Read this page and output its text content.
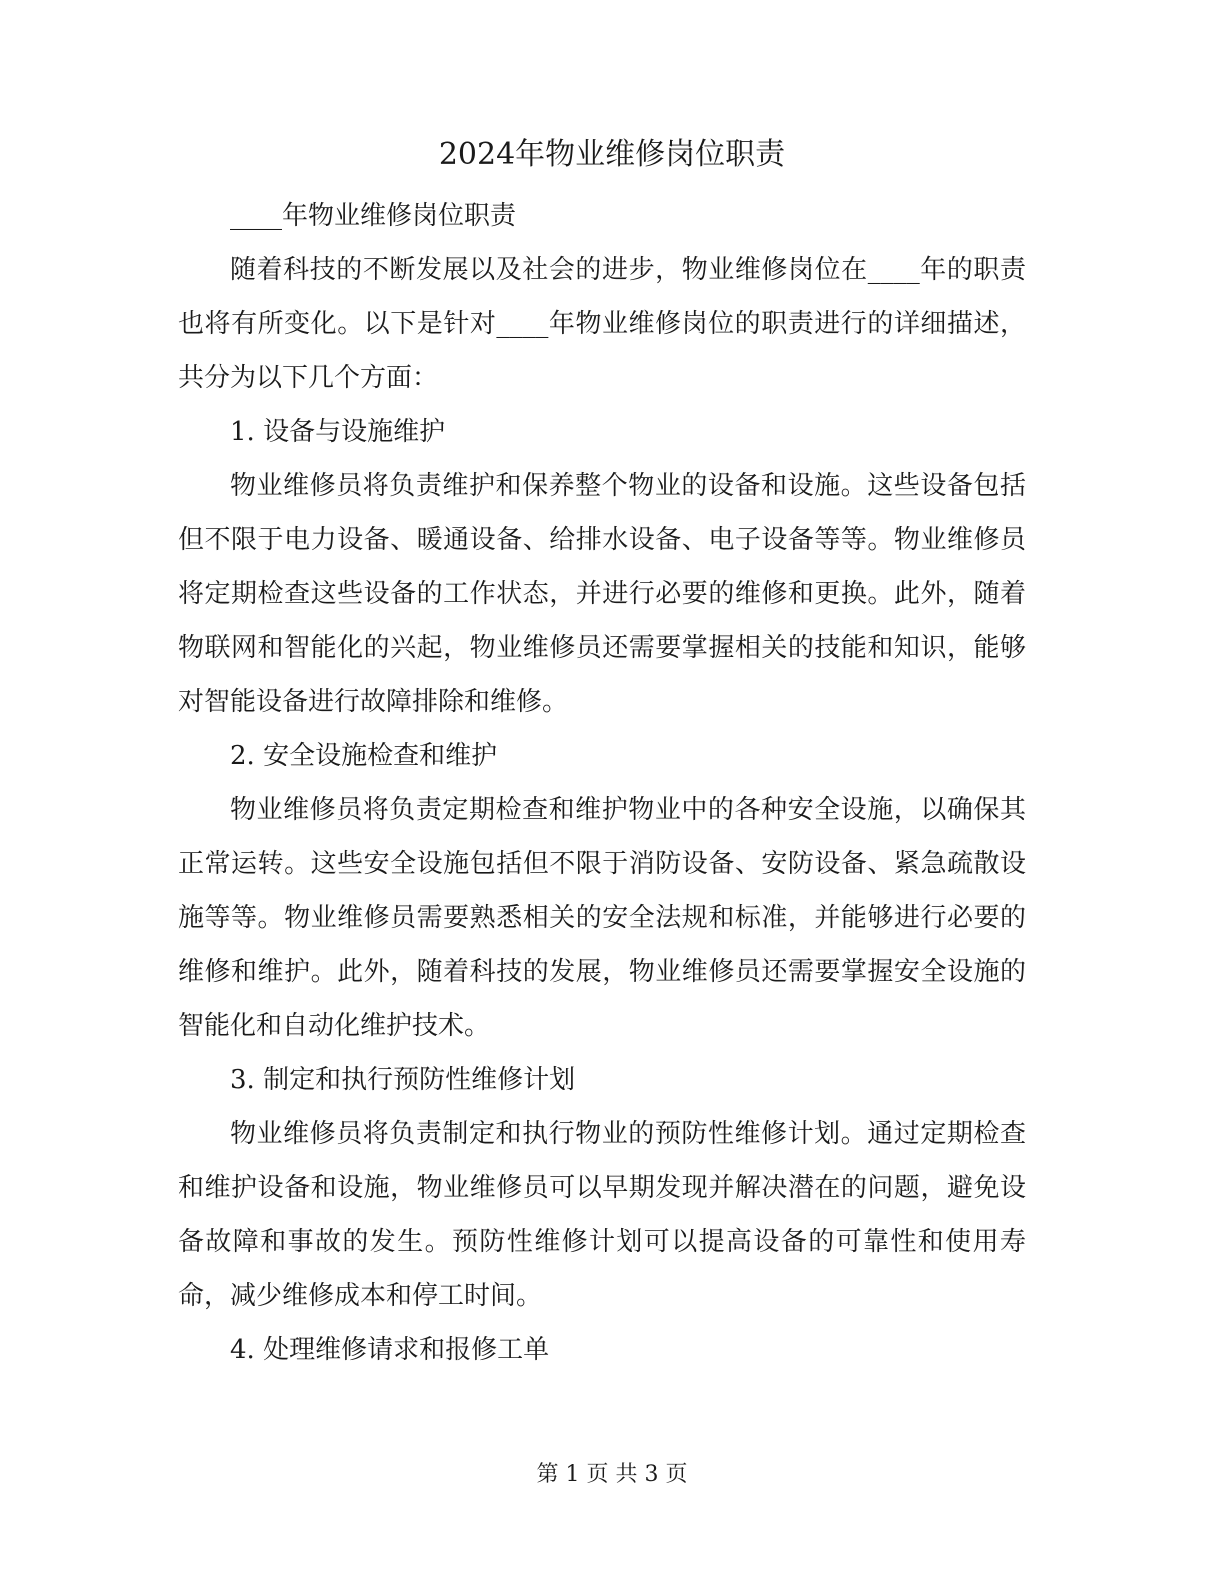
2024年物业维修岗位职责

____年物业维修岗位职责

随着科技的不断发展以及社会的进步，物业维修岗位在____年的职责也将有所变化。以下是针对____年物业维修岗位的职责进行的详细描述，共分为以下几个方面：

1. 设备与设施维护

物业维修员将负责维护和保养整个物业的设备和设施。这些设备包括但不限于电力设备、暖通设备、给排水设备、电子设备等等。物业维修员将定期检查这些设备的工作状态，并进行必要的维修和更换。此外，随着物联网和智能化的兴起，物业维修员还需要掌握相关的技能和知识，能够对智能设备进行故障排除和维修。

2. 安全设施检查和维护

物业维修员将负责定期检查和维护物业中的各种安全设施，以确保其正常运转。这些安全设施包括但不限于消防设备、安防设备、紧急疏散设施等等。物业维修员需要熟悉相关的安全法规和标准，并能够进行必要的维修和维护。此外，随着科技的发展，物业维修员还需要掌握安全设施的智能化和自动化维护技术。

3. 制定和执行预防性维修计划

物业维修员将负责制定和执行物业的预防性维修计划。通过定期检查和维护设备和设施，物业维修员可以早期发现并解决潜在的问题，避免设备故障和事故的发生。预防性维修计划可以提高设备的可靠性和使用寿命，减少维修成本和停工时间。

4. 处理维修请求和报修工单

第 1 页 共 3 页
